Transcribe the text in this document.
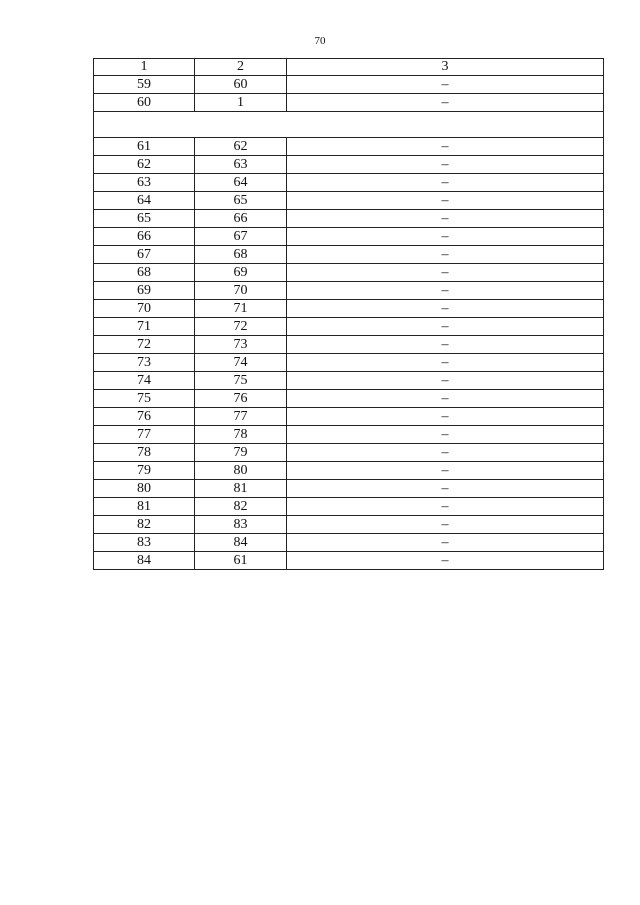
70
1	2	3
59	60	–
60	1	–

61	62	–
62	63	–
63	64	–
64	65	–
65	66	–
66	67	–
67	68	–
68	69	–
69	70	–
70	71	–
71	72	–
72	73	–
73	74	–
74	75	–
75	76	–
76	77	–
77	78	–
78	79	–
79	80	–
80	81	–
81	82	–
82	83	–
83	84	–
84	61	–
